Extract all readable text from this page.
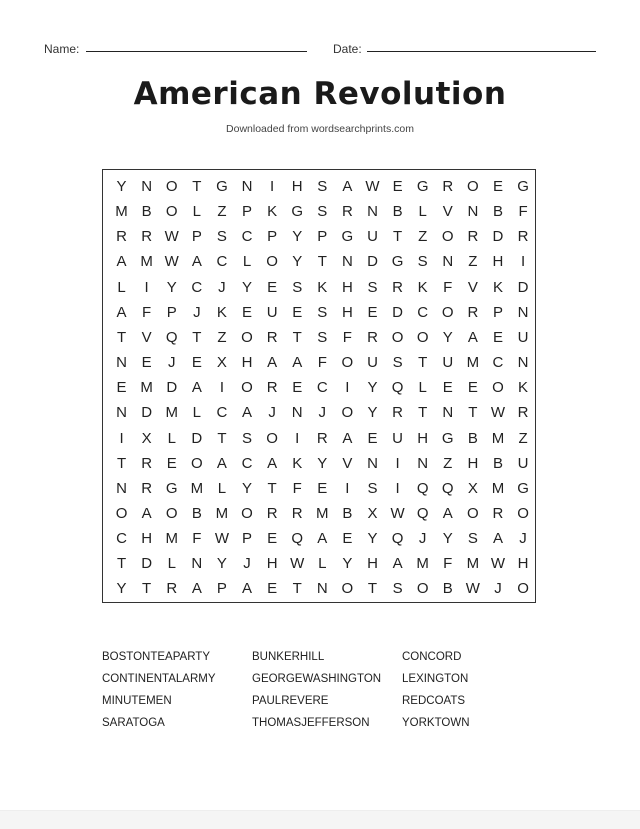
Name:	Date:
American Revolution
Downloaded from wordsearchprints.com
Y N O T G N	I	H S	A W E G R O E G
M B O	L	Z	P	K G S R N B	L	V N B	F
R R W P	S C P	Y	P G U	T	Z O R D R
A M W A C	L	O Y	T	N D G S N	Z	H	I
L	I	Y C	J	Y	E	S	K H S R K	F	V	K D
A	F	P	J	K	E U E	S H E D C O R P N
T	V Q T	Z O R	T	S	F	R O O Y	A	E U
N E	J	E	X H A	A	F O U S	T	U M C N
E M D A	I	O R E C	I	Y Q	L	E	E O K
N D M L	C A	J	N	J	O Y R	T	N	T W R
I	X	L	D	T	S O	I	R A	E U H G B M Z
T	R E O A C A	K	Y	V N	I	N	Z	H B U
N R G M L	Y	T	F	E	I	S	I	Q Q X M G
O A O B M O R R M B	X W Q A O R O
C H M F W P	E Q A	E	Y Q	J	Y	S	A	J
T	D	L	N Y	J	H W L	Y H A M F M W H
Y	T	R A	P	A	E	T	N O T	S O B W J	O
BOSTONTEAPARTY	BUNKERHILL	CONCORD
CONTINENTALARMY	GEORGEWASHINGTON	LEXINGTON
MINUTEMEN	PAULREVERE	REDCOATS
SARATOGA	THOMASJEFFERSON	YORKTOWN
